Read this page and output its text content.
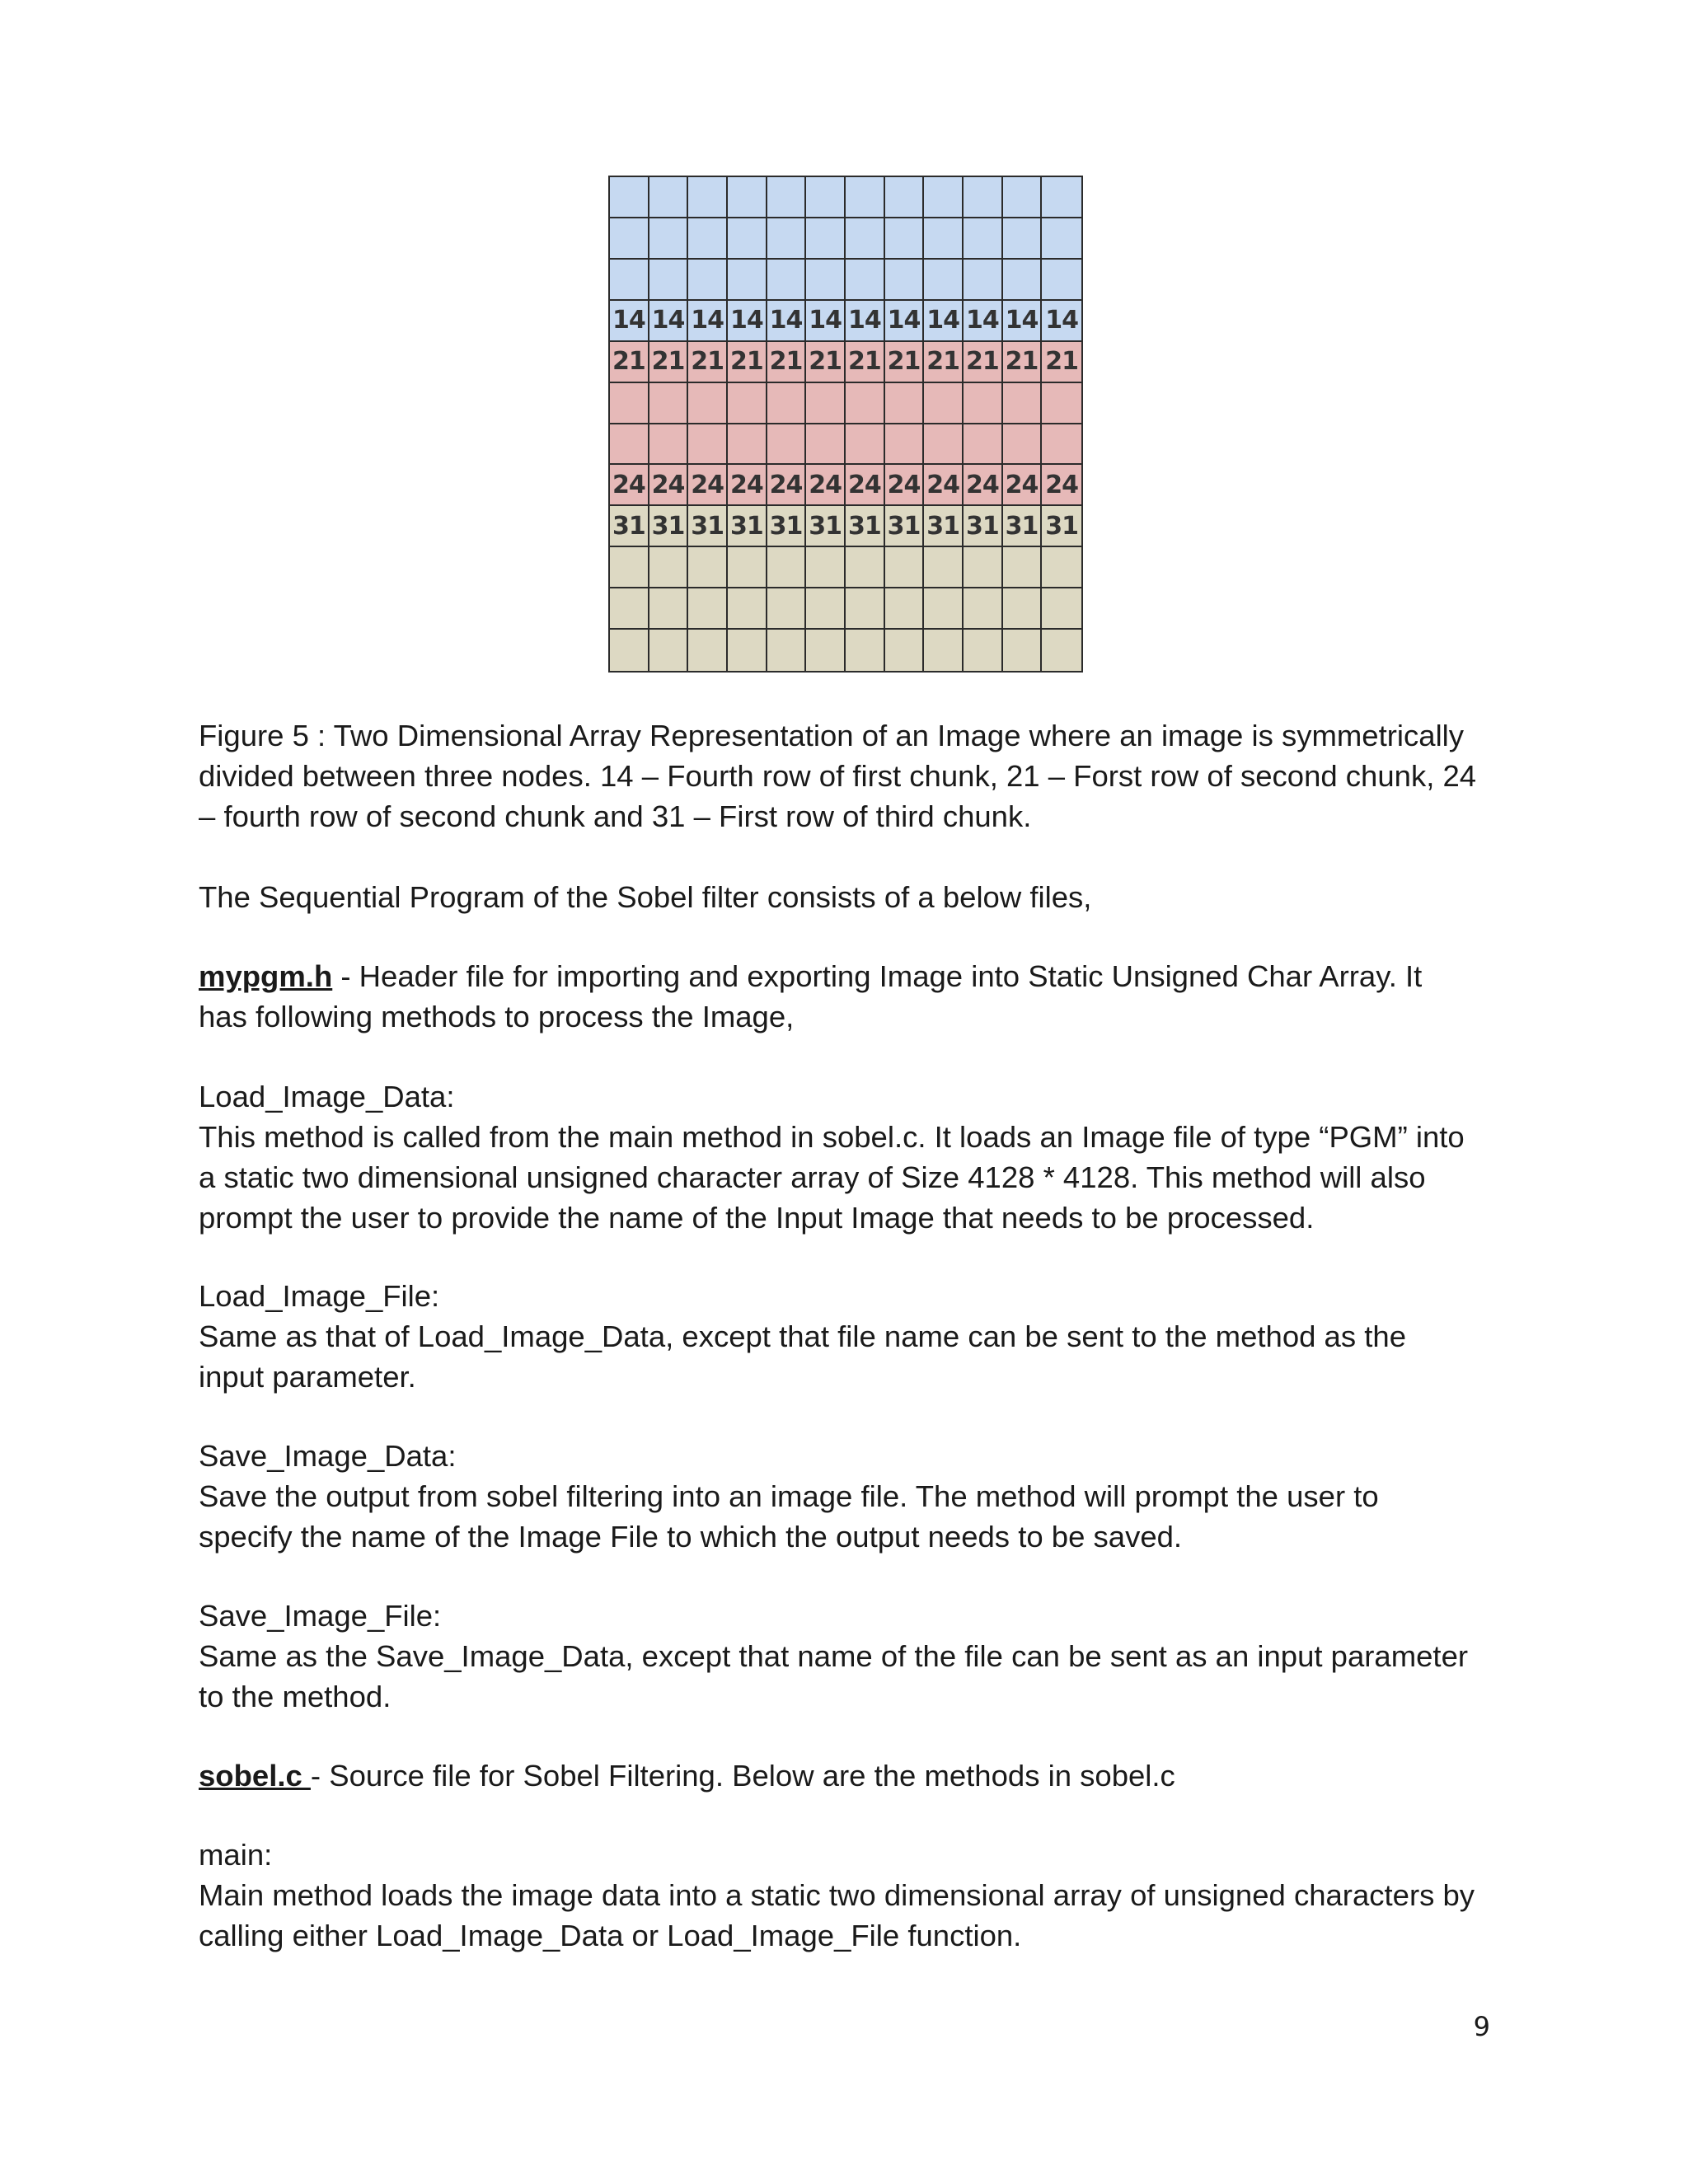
14 14 14 14 14 14 14 14 14 14 14 14
21 21 21 21 21 21 21 21 21 21 21 21
24 24 24 24 24 24 24 24 24 24 24 24
31 31 31 31 31 31 31 31 31 31 31 31

Figure 5 : Two Dimensional Array Representation of an Image where an image is symmetrically
divided between three nodes. 14 – Fourth row of first chunk, 21 – Forst row of second chunk, 24
– fourth row of second chunk and 31 – First row of third chunk.

The Sequential Program of the Sobel filter consists of a below files,

mypgm.h - Header file for importing and exporting Image into Static Unsigned Char Array. It
has following methods to process the Image,

Load_Image_Data:
This method is called from the main method in sobel.c. It loads an Image file of type “PGM” into
a static two dimensional unsigned character array of Size 4128 * 4128. This method will also
prompt the user to provide the name of the Input Image that needs to be processed.

Load_Image_File:
Same as that of Load_Image_Data, except that file name can be sent to the method as the
input parameter.

Save_Image_Data:
Save the output from sobel filtering into an image file. The method will prompt the user to
specify the name of the Image File to which the output needs to be saved.

Save_Image_File:
Same as the Save_Image_Data, except that name of the file can be sent as an input parameter
to the method.

sobel.c - Source file for Sobel Filtering. Below are the methods in sobel.c

main:
Main method loads the image data into a static two dimensional array of unsigned characters by
calling either Load_Image_Data or Load_Image_File function.

9
